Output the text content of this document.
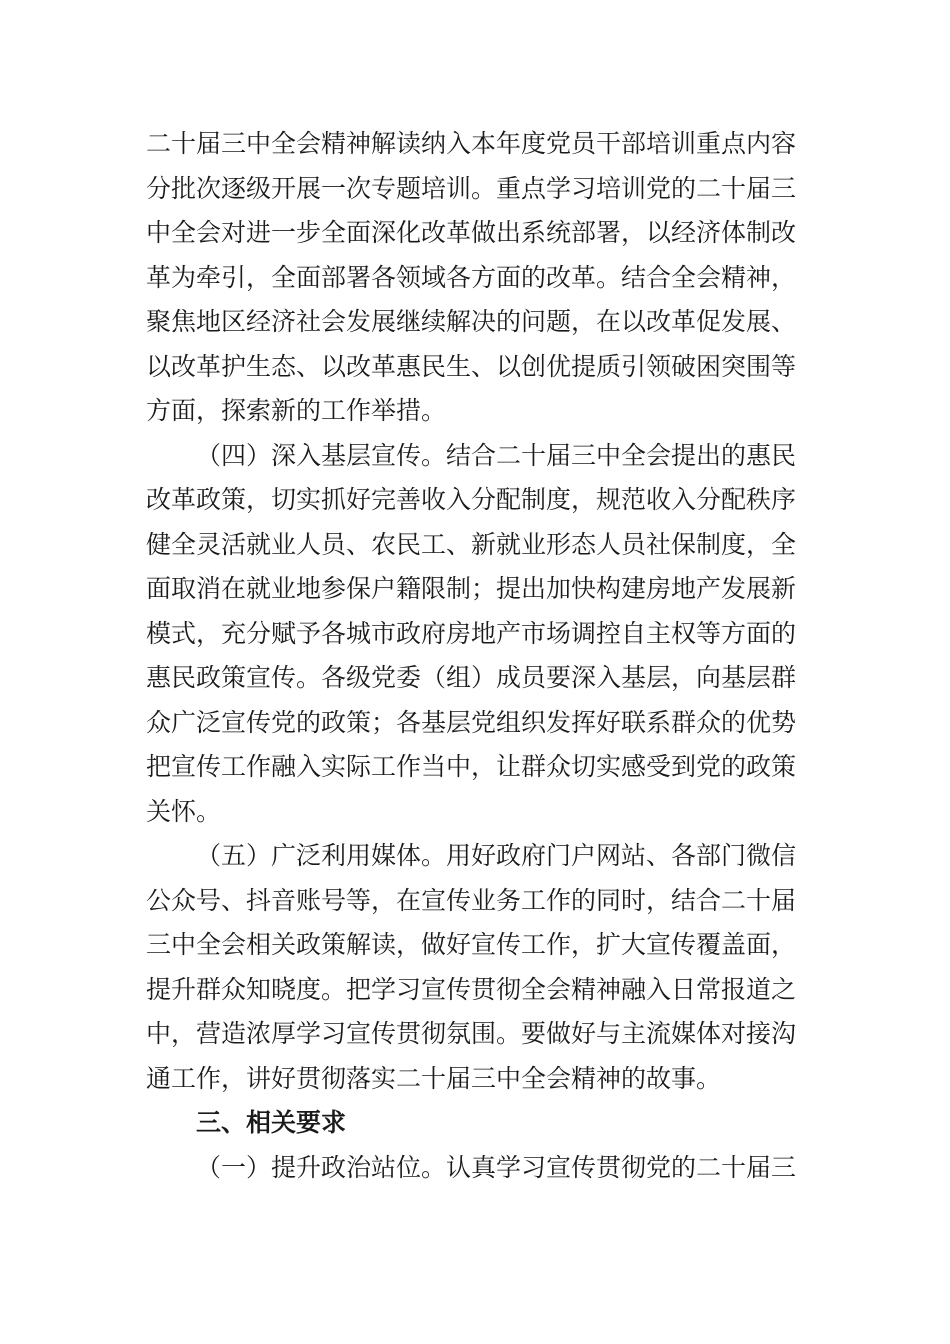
二十届三中全会精神解读纳入本年度党员干部培训重点内容
分批次逐级开展一次专题培训。重点学习培训党的二十届三
中全会对进一步全面深化改革做出系统部署，以经济体制改
革为牵引，全面部署各领域各方面的改革。结合全会精神，
聚焦地区经济社会发展继续解决的问题，在以改革促发展、
以改革护生态、以改革惠民生、以创优提质引领破困突围等
方面，探索新的工作举措。
（四）深入基层宣传。结合二十届三中全会提出的惠民
改革政策，切实抓好完善收入分配制度，规范收入分配秩序
健全灵活就业人员、农民工、新就业形态人员社保制度，全
面取消在就业地参保户籍限制；提出加快构建房地产发展新
模式，充分赋予各城市政府房地产市场调控自主权等方面的
惠民政策宣传。各级党委（组）成员要深入基层，向基层群
众广泛宣传党的政策；各基层党组织发挥好联系群众的优势
把宣传工作融入实际工作当中，让群众切实感受到党的政策
关怀。
（五）广泛利用媒体。用好政府门户网站、各部门微信
公众号、抖音账号等，在宣传业务工作的同时，结合二十届
三中全会相关政策解读，做好宣传工作，扩大宣传覆盖面，
提升群众知晓度。把学习宣传贯彻全会精神融入日常报道之
中，营造浓厚学习宣传贯彻氛围。要做好与主流媒体对接沟
通工作，讲好贯彻落实二十届三中全会精神的故事。
三、相关要求
（一）提升政治站位。认真学习宣传贯彻党的二十届三
